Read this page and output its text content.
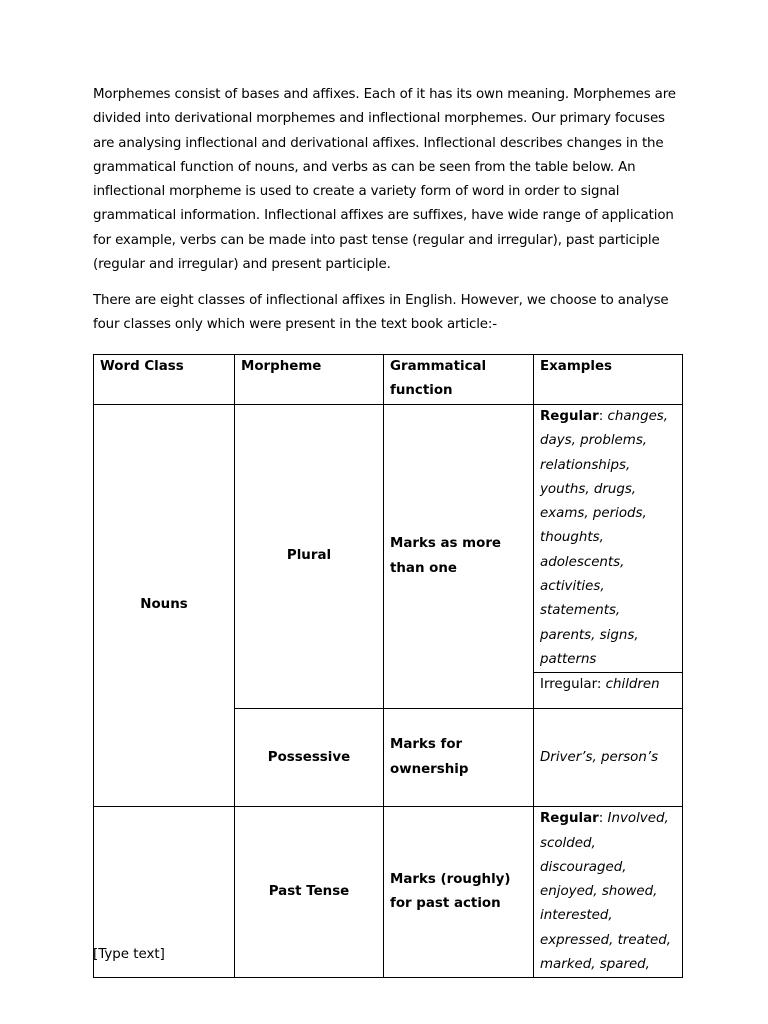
Morphemes consist of bases and affixes. Each of it has its own meaning. Morphemes are divided into derivational morphemes and inflectional morphemes. Our primary focuses are analysing inflectional and derivational affixes. Inflectional describes changes in the grammatical function of nouns, and verbs as can be seen from the table below. An inflectional morpheme is used to create a variety form of word in order to signal grammatical information. Inflectional affixes are suffixes, have wide range of application for example, verbs can be made into past tense (regular and irregular), past participle (regular and irregular) and present participle.

There are eight classes of inflectional affixes in English. However, we choose to analyse four classes only which were present in the text book article:-

Word Class	Morpheme	Grammatical function	Examples
Nouns	Plural	Marks as more than one	Regular: changes, days, problems, relationships, youths, drugs, exams, periods, thoughts, adolescents, activities, statements, parents, signs, patterns
			Irregular: children
	Possessive	Marks for ownership	Driver’s, person’s
	Past Tense	Marks (roughly) for past action	Regular: Involved, scolded, discouraged, enjoyed, showed, interested, expressed, treated, marked, spared,
[Type text]
